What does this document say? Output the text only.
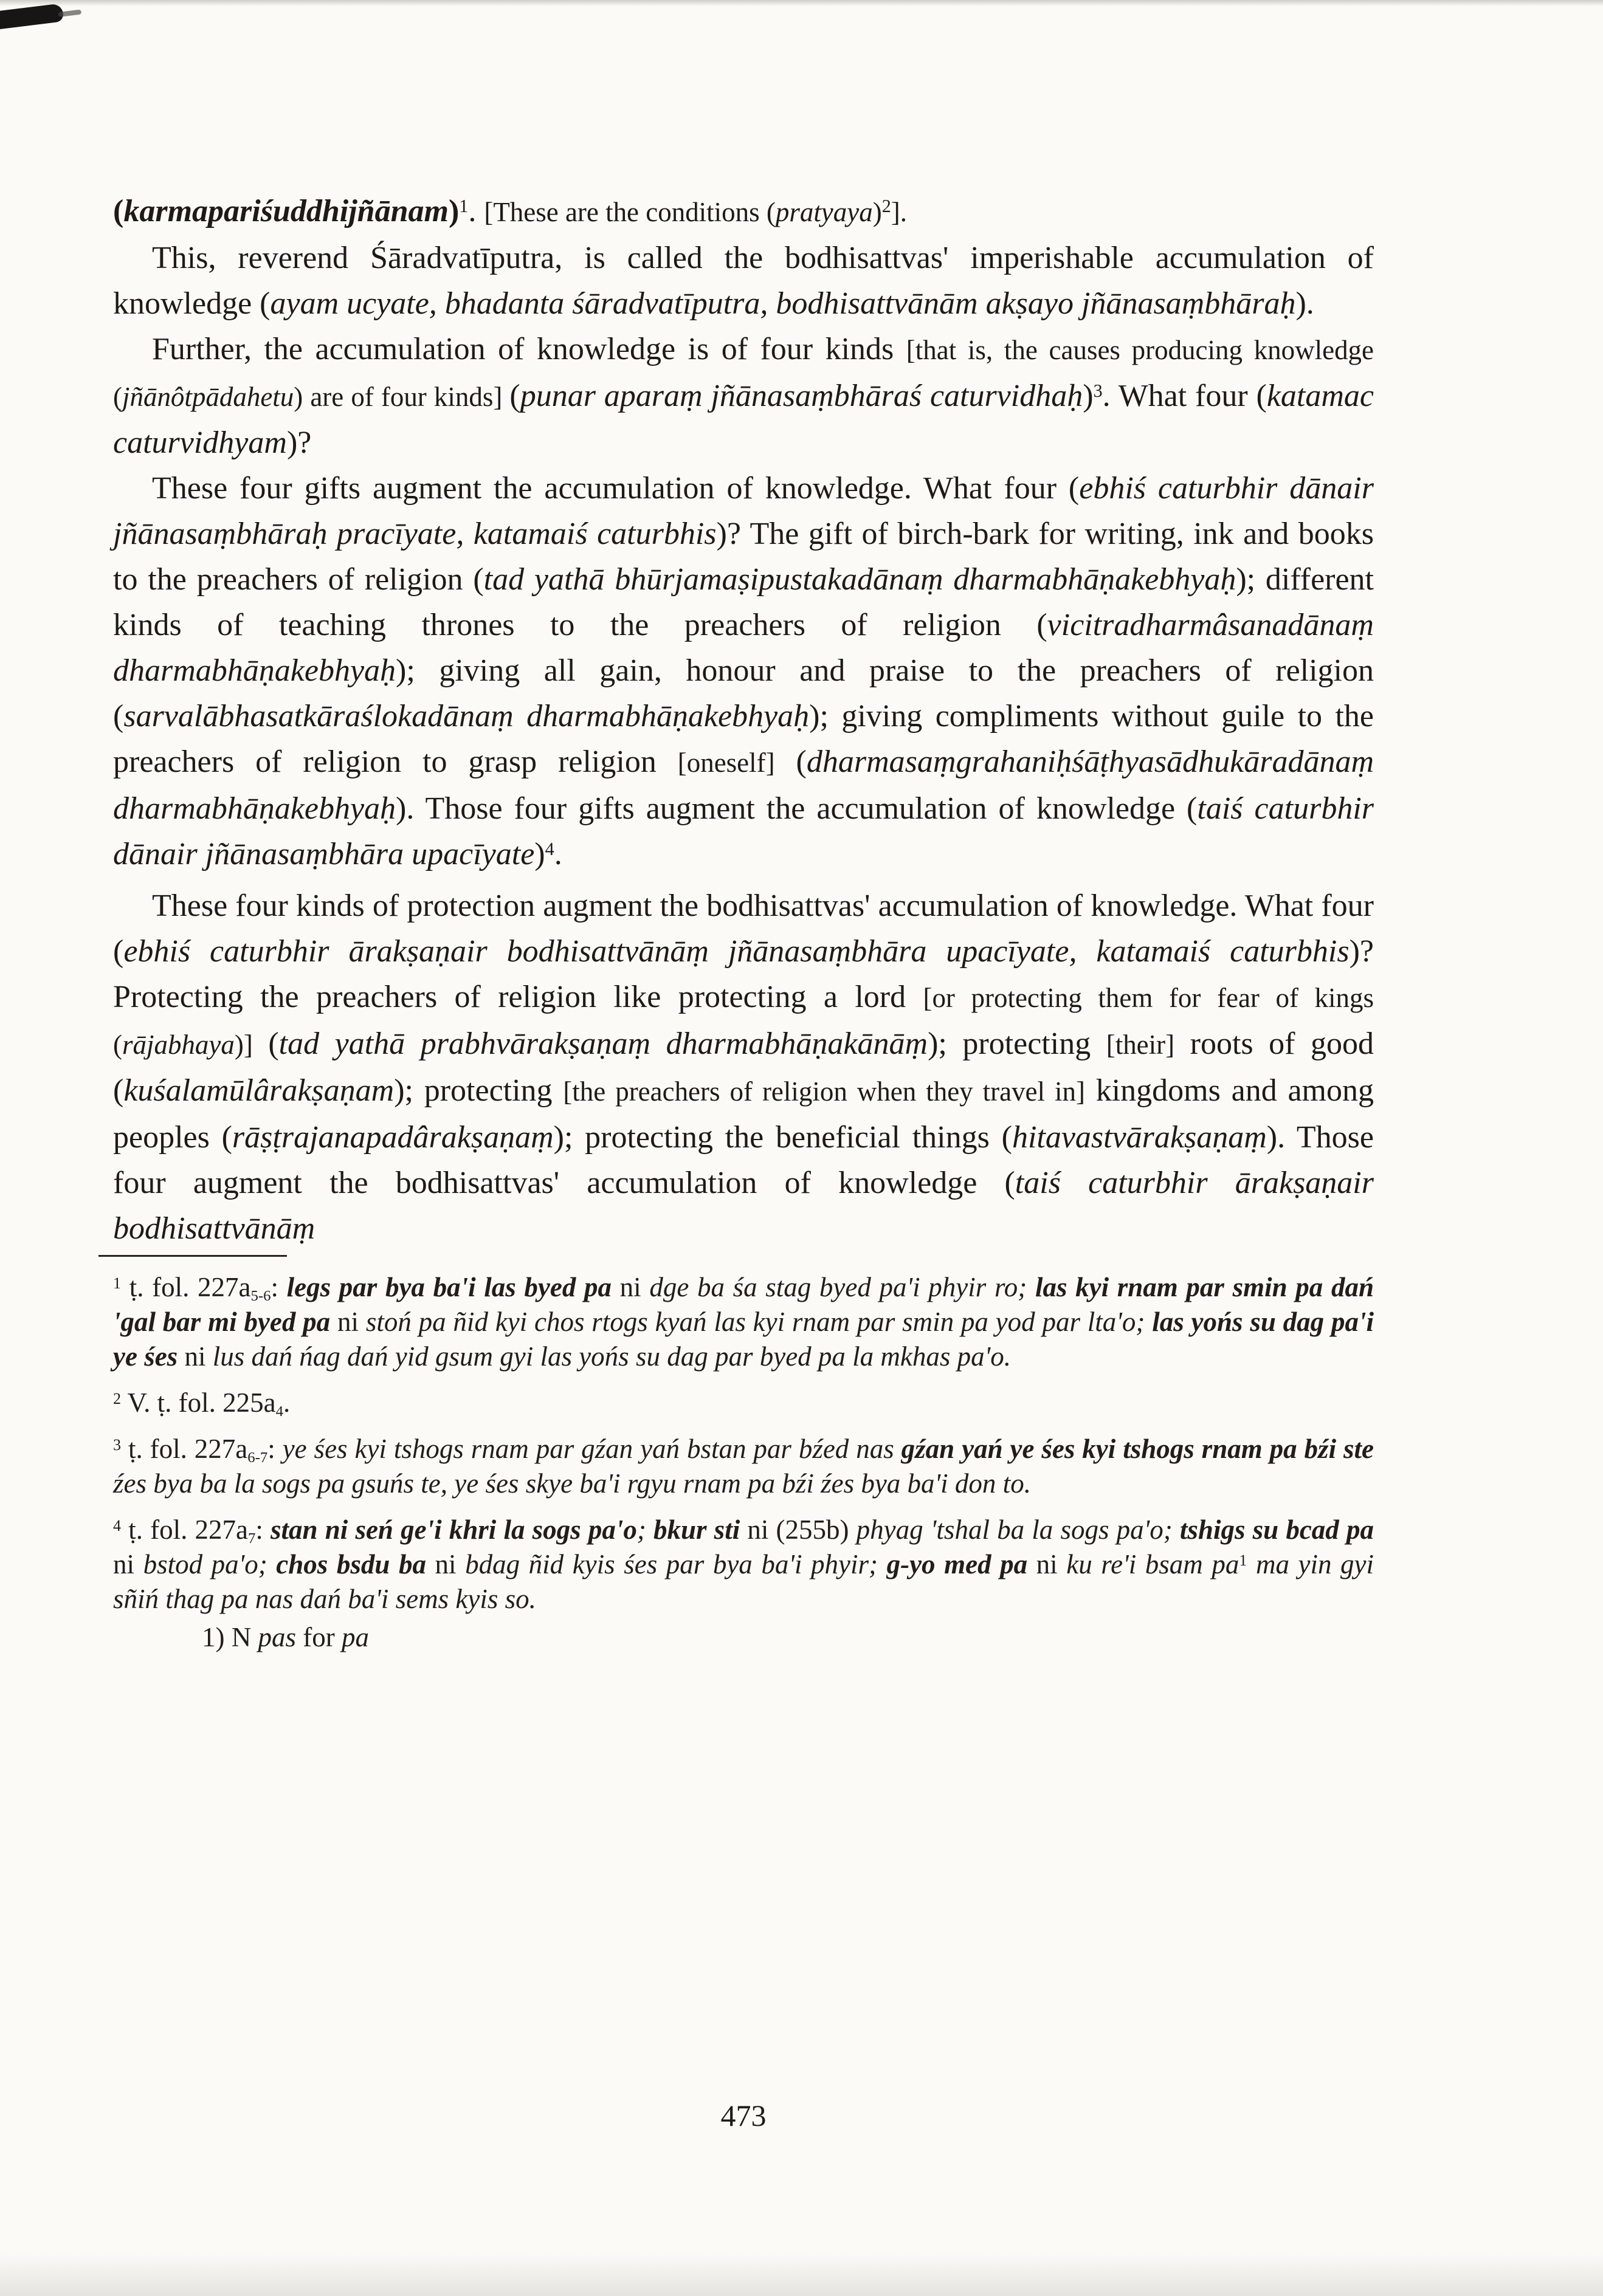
(karmapariśuddhijñānam)$^1$. [These are the conditions (pratyaya)$^2$].

This, reverend Śāradvatīputra, is called the bodhisattvas' imperishable accumulation of knowledge (ayam ucyate, bhadanta śāradvatīputra, bodhisattvānām akṣayo jñānasaṃbhāraḥ).

Further, the accumulation of knowledge is of four kinds [that is, the causes producing knowledge (jñānôtpādahetu) are of four kinds] (punar aparaṃ jñānasaṃbhāraś caturvidhaḥ)$^3$. What four (katamac caturvidhyam)?

These four gifts augment the accumulation of knowledge. What four (ebhiś caturbhir dānair jñānasaṃbhāraḥ pracīyate, katamaiś caturbhis)? The gift of birch-bark for writing, ink and books to the preachers of religion (tad yathā bhūrjamaṣipustakadānaṃ dharmabhāṇakebhyaḥ); different kinds of teaching thrones to the preachers of religion (vicitradharmâsanadānaṃ dharmabhāṇakebhyaḥ); giving all gain, honour and praise to the preachers of religion (sarvalābhasatkāraślokadānaṃ dharmabhāṇakebhyaḥ); giving compliments without guile to the preachers of religion to grasp religion [oneself] (dharmasaṃgrahaniḥśāṭhyasādhukāradānaṃ dharmabhāṇakebhyaḥ). Those four gifts augment the accumulation of knowledge (taiś caturbhir dānair jñānasaṃbhāra upacīyate)$^4$.

These four kinds of protection augment the bodhisattvas' accumulation of knowledge. What four (ebhiś caturbhir ārakṣaṇair bodhisattvānāṃ jñānasaṃbhāra upacīyate, katamaiś caturbhis)? Protecting the preachers of religion like protecting a lord [or protecting them for fear of kings (rājabhaya)] (tad yathā prabhvārakṣaṇaṃ dharmabhāṇakānāṃ); protecting [their] roots of good (kuśalamūlârakṣaṇam); protecting [the preachers of religion when they travel in] kingdoms and among peoples (rāṣṭrajanapadârakṣaṇaṃ); protecting the beneficial things (hitavastvārakṣaṇaṃ). Those four augment the bodhisattvas' accumulation of knowledge (taiś caturbhir ārakṣaṇair bodhisattvānāṃ

$^1$ ṭ. fol. $227a_{5-6}$: legs par bya ba'i las byed pa ni dge ba śa stag byed pa'i phyir ro; las kyi rnam par smin pa dań 'gal bar mi byed pa ni stoń pa ñid kyi chos rtogs kyań las kyi rnam par smin pa yod par lta'o; las yońs su dag pa'i ye śes ni lus dań ńag dań yid gsum gyi las yońs su dag par byed pa la mkhas pa'o.

$^2$ V. ṭ. fol. $225a_4$.

$^3$ ṭ. fol. $227a_{6-7}$: ye śes kyi tshogs rnam par gźan yań bstan par bźed nas gźan yań ye śes kyi tshogs rnam pa bźi ste źes bya ba la sogs pa gsuńs te, ye śes skye ba'i rgyu rnam pa bźi źes bya ba'i don to.

$^4$ ṭ. fol. $227a_7$: stan ni seń ge'i khri la sogs pa'o; bkur sti ni (255b) phyag 'tshal ba la sogs pa'o; tshigs su bcad pa ni bstod pa'o; chos bsdu ba ni bdag ñid kyis śes par bya ba'i phyir; g-yo med pa ni ku re'i bsam $pa^1$ ma yin gyi sñiń thag pa nas dań ba'i sems kyis so.

1) N pas for pa

473
